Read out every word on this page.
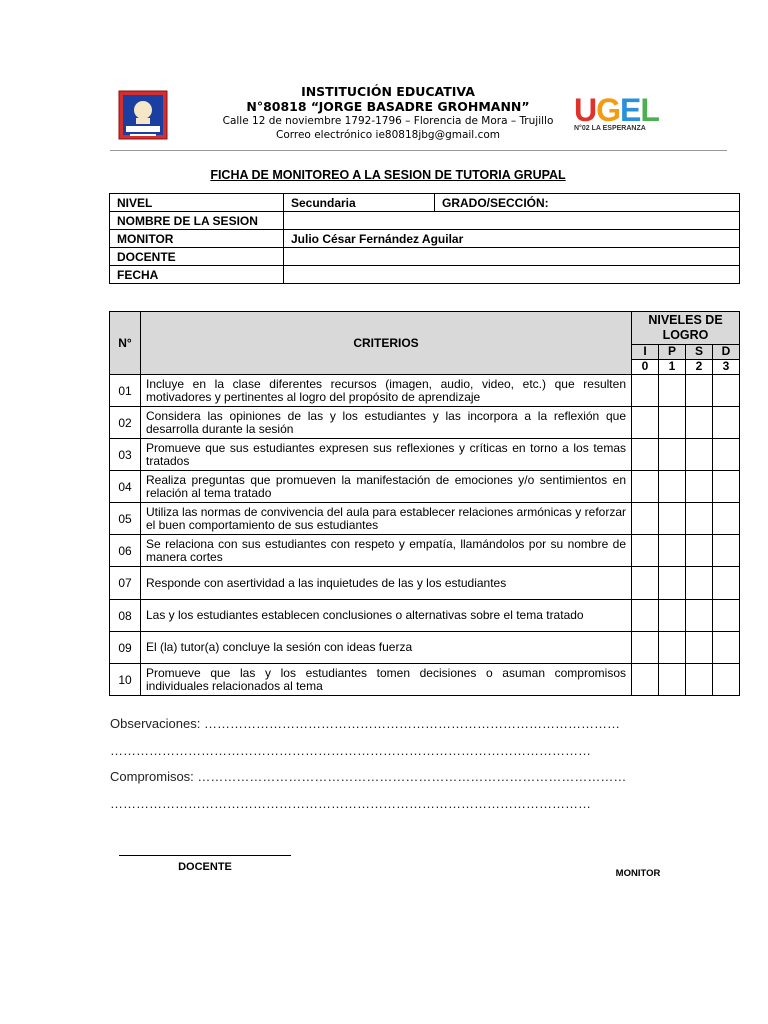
INSTITUCIÓN EDUCATIVA
N°80818 “JORGE BASADRE GROHMANN”
Calle 12 de noviembre 1792-1796 – Florencia de Mora – Trujillo
Correo electrónico ie80818jbg@gmail.com
UGEL
N°02 LA ESPERANZA
FICHA DE MONITOREO A LA SESION DE TUTORIA GRUPAL
NIVEL	Secundaria	GRADO/SECCIÓN:
NOMBRE DE LA SESION		
MONITOR	Julio César Fernández Aguilar	
DOCENTE		
FECHA		
N°	CRITERIOS	NIVELES DE LOGRO			
		I	P	S	D
		0	1	2	3
01	Incluye en la clase diferentes recursos (imagen, audio, video, etc.) que resulten motivadores y pertinentes al logro del propósito de aprendizaje				
02	Considera las opiniones de las y los estudiantes y las incorpora a la reflexión que desarrolla durante la sesión				
03	Promueve que sus estudiantes expresen sus reflexiones y críticas en torno a los temas tratados				
04	Realiza preguntas que promueven la manifestación de emociones y/o sentimientos en relación al tema tratado				
05	Utiliza las normas de convivencia del aula para establecer relaciones armónicas y reforzar el buen comportamiento de sus estudiantes				
06	Se relaciona con sus estudiantes con respeto y empatía, llamándolos por su nombre de manera cortes				
07	Responde con asertividad a las inquietudes de las y los estudiantes				
08	Las y los estudiantes establecen conclusiones o alternativas sobre el tema tratado				
09	El (la) tutor(a) concluye la sesión con ideas fuerza				
10	Promueve que las y los estudiantes tomen decisiones o asuman compromisos individuales relacionados al tema				
Observaciones: ……………………………………………………………………………………
…………………………………………………………………………………………………
Compromisos: ………………………………………………………………………………………
…………………………………………………………………………………………………
DOCENTE
MONITOR
